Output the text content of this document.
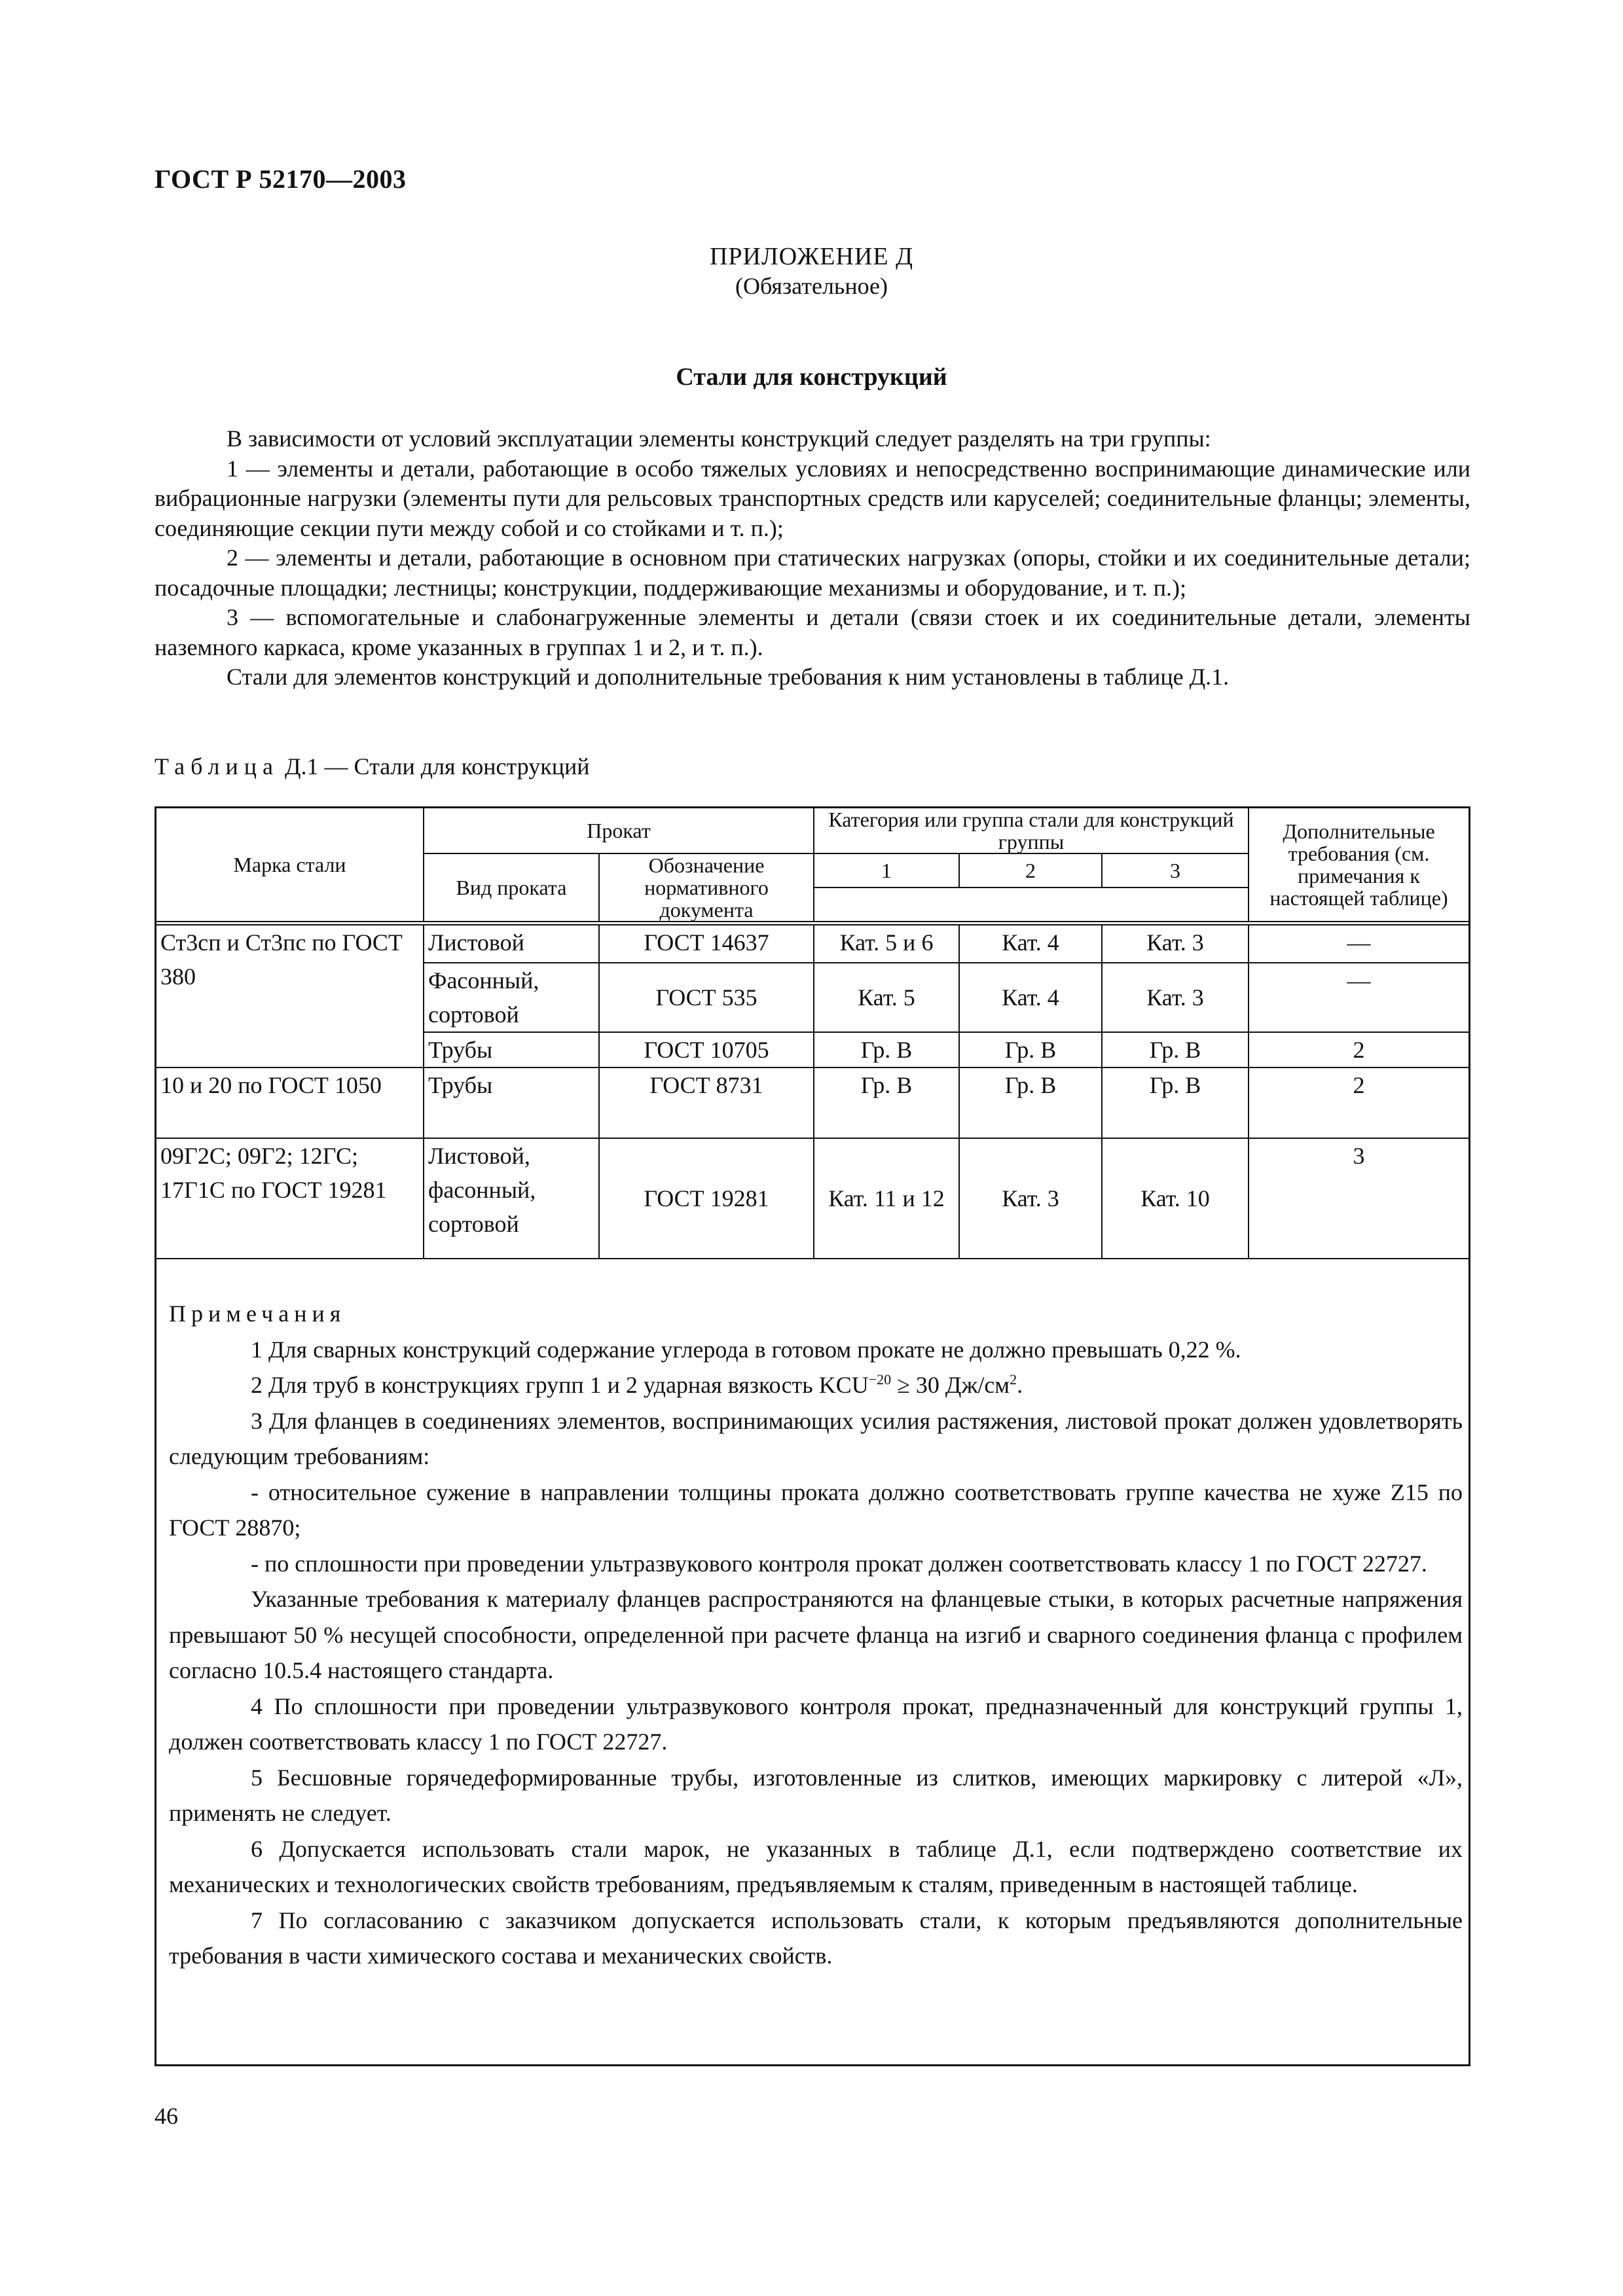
ГОСТ Р 52170—2003
ПРИЛОЖЕНИЕ Д
(Обязательное)
Стали для конструкций

В зависимости от условий эксплуатации элементы конструкций следует разделять на три группы:

1 — элементы и детали, работающие в особо тяжелых условиях и непосредственно воспринимающие динамические или вибрационные нагрузки (элементы пути для рельсовых транспортных средств или каруселей; соединительные фланцы; элементы, соединяющие секции пути между собой и со стойками и т. п.);

2 — элементы и детали, работающие в основном при статических нагрузках (опоры, стойки и их соединительные детали; посадочные площадки; лестницы; конструкции, поддерживающие механизмы и оборудование, и т. п.);

3 — вспомогательные и слабонагруженные элементы и детали (связи стоек и их соединительные детали, элементы наземного каркаса, кроме указанных в группах 1 и 2, и т. п.).

Стали для элементов конструкций и дополнительные требования к ним установлены в таблице Д.1.

Таблица Д.1 — Стали для конструкций
Марка стали	Прокат		Категория или группа стали для конструкций группы			Дополнительные требования (см. примечания к настоящей таблице)
	Вид проката	Обозначение нормативного документа	1	2	3	

Ст3сп и Ст3пс по ГОСТ 380	Листовой	ГОСТ 14637	Кат. 5 и 6	Кат. 4	Кат. 3	—
	Фасонный, сортовой	ГОСТ 535	Кат. 5	Кат. 4	Кат. 3	—
	Трубы	ГОСТ 10705	Гр. В	Гр. В	Гр. В	2
10 и 20 по ГОСТ 1050	Трубы	ГОСТ 8731	Гр. В	Гр. В	Гр. В	2
09Г2С; 09Г2; 12ГС; 17Г1С по ГОСТ 19281	Листовой, фасонный, сортовой	ГОСТ 19281	Кат. 11 и 12	Кат. 3	Кат. 10	3

Примечания

1 Для сварных конструкций содержание углерода в готовом прокате не должно превышать 0,22 %.

2 Для труб в конструкциях групп 1 и 2 ударная вязкость $KCU^{-20} \ge 30$ $Дж/см^2$.

3 Для фланцев в соединениях элементов, воспринимающих усилия растяжения, листовой прокат должен удовлетворять следующим требованиям:

- относительное сужение в направлении толщины проката должно соответствовать группе качества не хуже Z15 по ГОСТ 28870;

- по сплошности при проведении ультразвукового контроля прокат должен соответствовать классу 1 по ГОСТ 22727.

Указанные требования к материалу фланцев распространяются на фланцевые стыки, в которых расчетные напряжения превышают 50 % несущей способности, определенной при расчете фланца на изгиб и сварного соединения фланца с профилем согласно 10.5.4 настоящего стандарта.

4 По сплошности при проведении ультразвукового контроля прокат, предназначенный для конструкций группы 1, должен соответствовать классу 1 по ГОСТ 22727.

5 Бесшовные горячедеформированные трубы, изготовленные из слитков, имеющих маркировку с литерой «Л», применять не следует.

6 Допускается использовать стали марок, не указанных в таблице Д.1, если подтверждено соответствие их механических и технологических свойств требованиям, предъявляемым к сталям, приведенным в настоящей таблице.

7 По согласованию с заказчиком допускается использовать стали, к которым предъявляются дополнительные требования в части химического состава и механических свойств.

46
